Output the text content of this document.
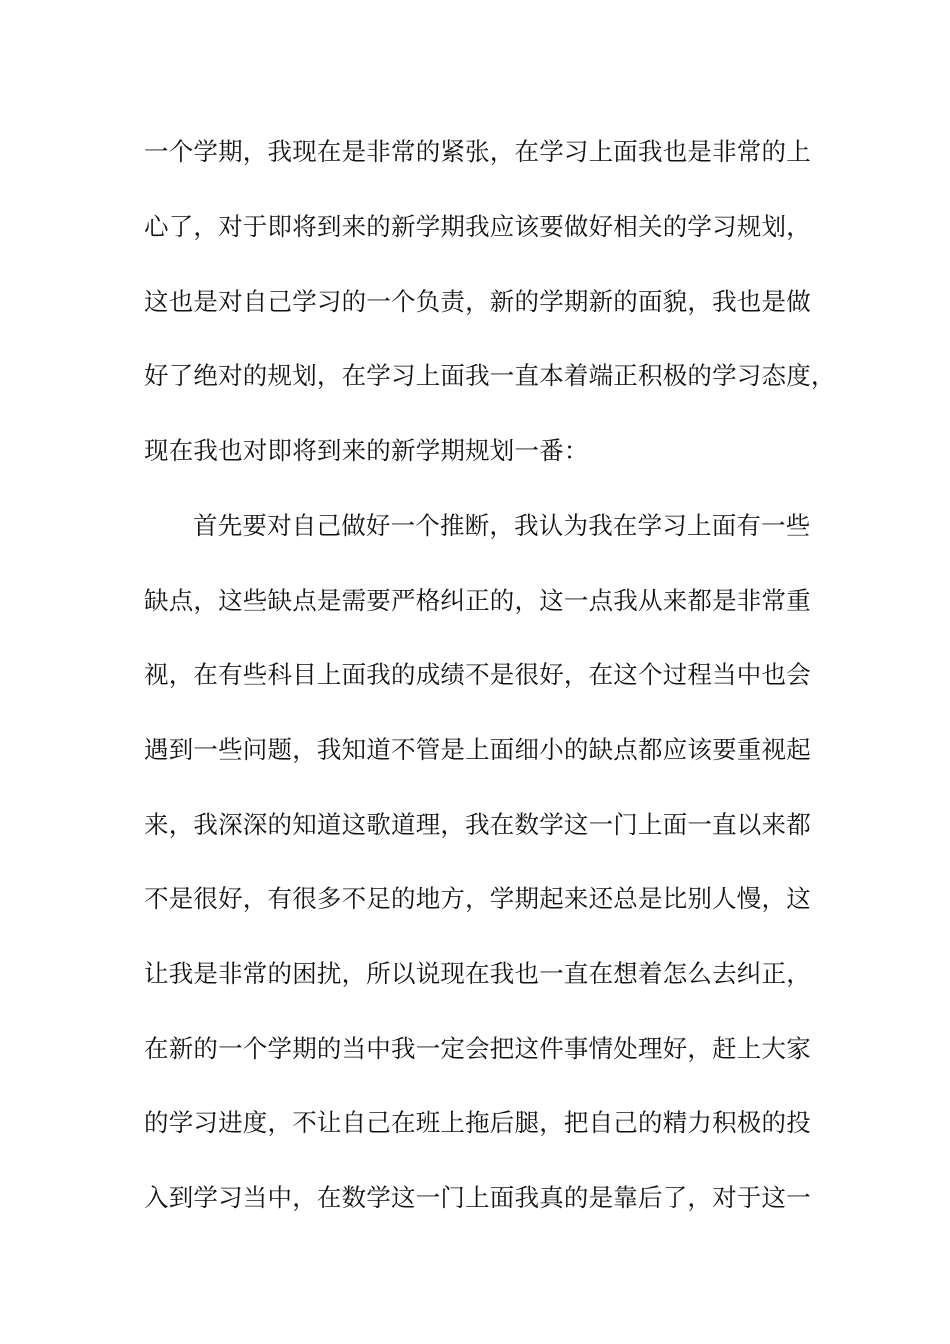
一个学期，我现在是非常的紧张，在学习上面我也是非常的上
心了，对于即将到来的新学期我应该要做好相关的学习规划，
这也是对自己学习的一个负责，新的学期新的面貌，我也是做
好了绝对的规划，在学习上面我一直本着端正积极的学习态度，
现在我也对即将到来的新学期规划一番：
首先要对自己做好一个推断，我认为我在学习上面有一些
缺点，这些缺点是需要严格纠正的，这一点我从来都是非常重
视，在有些科目上面我的成绩不是很好，在这个过程当中也会
遇到一些问题，我知道不管是上面细小的缺点都应该要重视起
来，我深深的知道这歌道理，我在数学这一门上面一直以来都
不是很好，有很多不足的地方，学期起来还总是比别人慢，这
让我是非常的困扰，所以说现在我也一直在想着怎么去纠正，
在新的一个学期的当中我一定会把这件事情处理好，赶上大家
的学习进度，不让自己在班上拖后腿，把自己的精力积极的投
入到学习当中，在数学这一门上面我真的是靠后了，对于这一
